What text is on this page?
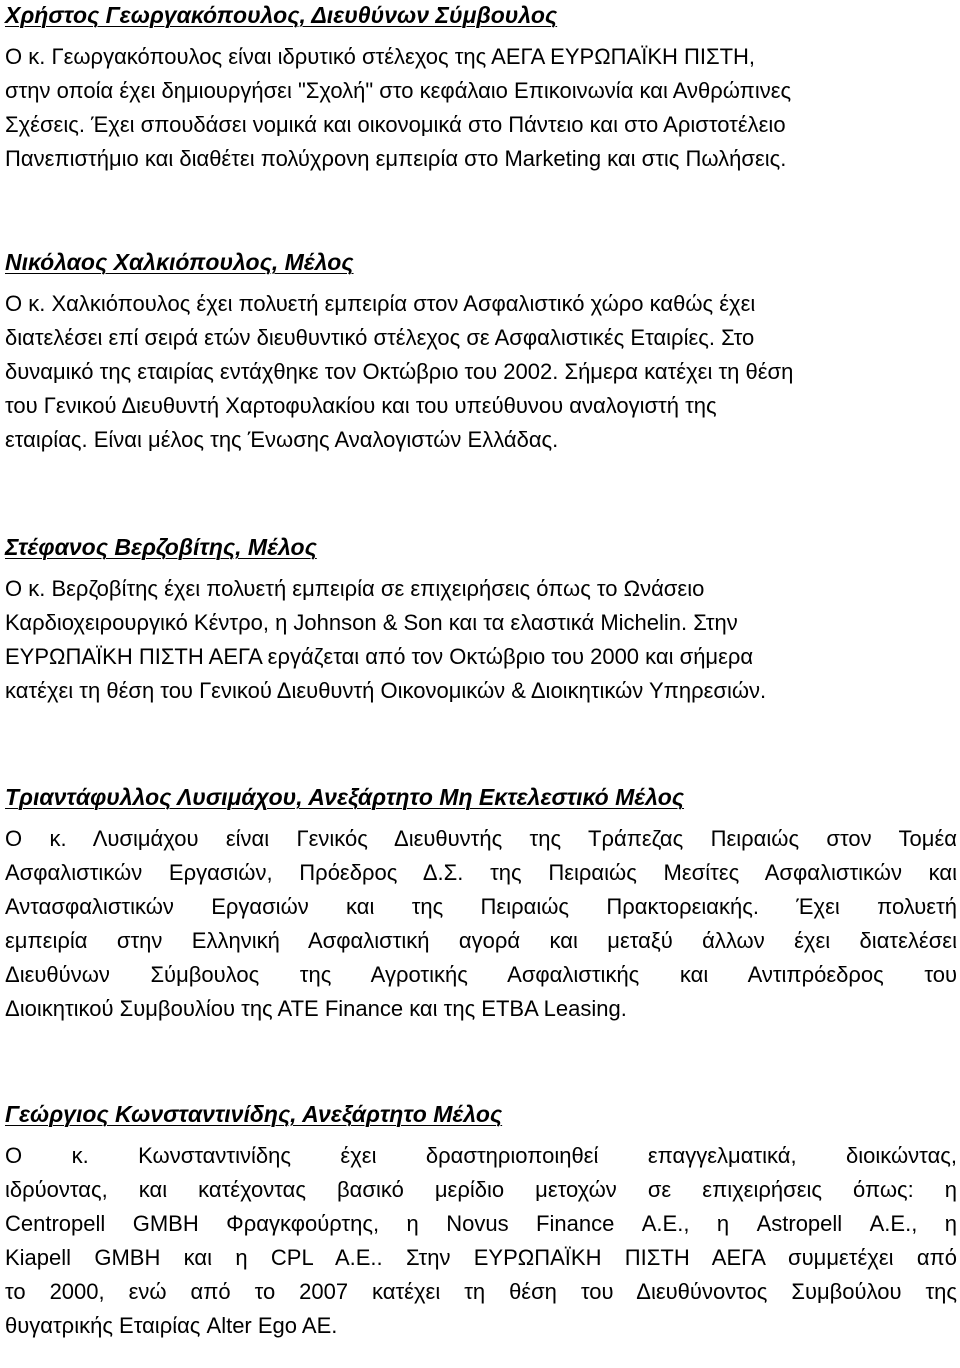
Χρήστος Γεωργακόπουλος, Διευθύνων Σύμβουλος

Ο κ. Γεωργακόπουλος είναι ιδρυτικό στέλεχος της ΑΕΓΑ ΕΥΡΩΠΑΪΚΗ ΠΙΣΤΗ,
στην οποία έχει δημιουργήσει "Σχολή" στο κεφάλαιο Επικοινωνία και Ανθρώπινες
Σχέσεις. Έχει σπουδάσει νομικά και οικονομικά στο Πάντειο και στο Αριστοτέλειο
Πανεπιστήμιο και διαθέτει πολύχρονη εμπειρία στο Marketing και στις Πωλήσεις.

Νικόλαος Χαλκιόπουλος, Μέλος

Ο κ. Χαλκιόπουλος έχει πολυετή εμπειρία στον Ασφαλιστικό χώρο καθώς έχει
διατελέσει επί σειρά ετών διευθυντικό στέλεχος σε Ασφαλιστικές Εταιρίες. Στο
δυναμικό της εταιρίας εντάχθηκε τον Οκτώβριο του 2002. Σήμερα κατέχει τη θέση
του Γενικού Διευθυντή Χαρτοφυλακίου και του υπεύθυνου αναλογιστή της
εταιρίας. Είναι μέλος της Ένωσης Αναλογιστών Ελλάδας.

Στέφανος Βερζοβίτης, Μέλος

Ο κ. Βερζοβίτης έχει πολυετή εμπειρία σε επιχειρήσεις όπως το Ωνάσειο
Καρδιοχειρουργικό Κέντρο, η Johnson & Son και τα ελαστικά Michelin. Στην
ΕΥΡΩΠΑΪΚΗ ΠΙΣΤΗ ΑΕΓΑ εργάζεται από τον Οκτώβριο του 2000 και σήμερα
κατέχει τη θέση του Γενικού Διευθυντή Οικονομικών & Διοικητικών Υπηρεσιών.

Τριαντάφυλλος Λυσιμάχου, Ανεξάρτητο Μη Εκτελεστικό Μέλος

Ο κ. Λυσιμάχου είναι Γενικός Διευθυντής της Τράπεζας Πειραιώς στον Τομέα
Ασφαλιστικών Εργασιών, Πρόεδρος Δ.Σ. της Πειραιώς Μεσίτες Ασφαλιστικών και
Αντασφαλιστικών Εργασιών και της Πειραιώς Πρακτορειακής. Έχει πολυετή
εμπειρία στην Ελληνική Ασφαλιστική αγορά και μεταξύ άλλων έχει διατελέσει
Διευθύνων Σύμβουλος της Αγροτικής Ασφαλιστικής και Αντιπρόεδρος του
Διοικητικού Συμβουλίου της ΑΤΕ Finance και της ΕΤΒΑ Leasing.

Γεώργιος Κωνσταντινίδης, Ανεξάρτητο Μέλος

Ο κ. Κωνσταντινίδης έχει δραστηριοποιηθεί επαγγελματικά, διοικώντας,
ιδρύοντας, και κατέχοντας βασικό μερίδιο μετοχών σε επιχειρήσεις όπως: η
Centropell GMBH Φραγκφούρτης, η Novus Finance Α.Ε., η Astropell Α.Ε., η
Kiapell GMBH και η CPL A.E.. Στην ΕΥΡΩΠΑΪΚΗ ΠΙΣΤΗ ΑΕΓΑ συμμετέχει από
το 2000, ενώ από το 2007 κατέχει τη θέση του Διευθύνοντος Συμβούλου της
θυγατρικής Εταιρίας Alter Ego AE.
